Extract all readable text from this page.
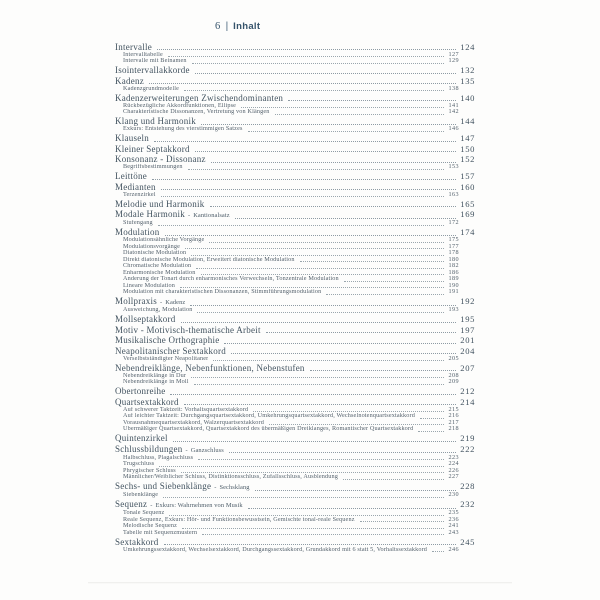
6 | Inhalt
Intervalle	124
Intervalltabelle	127
Intervalle mit Beinamen	129
Isointervallakkorde	132
Kadenz	135
Kadenzgrundmodelle	138
Kadenzerweiterungen Zwischendominanten	140
Rückbezügliche Akkordfunktionen, Ellipse	141
Charakteristische Dissonanzen, Vertretung von Klängen	142
Klang und Harmonik	144
Exkurs: Entstehung des vierstimmigen Satzes	146
Klauseln	147
Kleiner Septakkord	150
Konsonanz - Dissonanz	152
Begriffsbestimmungen	153
Leittöne	157
Medianten	160
Terzenzirkel	163
Melodie und Harmonik	165
Modale Harmonik - Kantionalsatz	169
Stufengang	172
Modulation	174
Modulationsähnliche Vorgänge	175
Modulationsvorgänge	177
Diatonische Modulation	178
Direkt diatonische Modulation, Erweitert diatonische Modulation	180
Chromatische Modulation	182
Enharmonische Modulation	186
Änderung der Tonart durch enharmonisches Verwechseln, Tonzentrale Modulation	189
Lineare Modulation	190
Modulation mit charakteristischen Dissonanzen, Stimmführungsmodulation	191
Mollpraxis - Kadenz	192
Ausweichung, Modulation	193
Mollseptakkord	195
Motiv - Motivisch-thematische Arbeit	197
Musikalische Orthographie	201
Neapolitanischer Sextakkord	204
Verselbstständigter Neapolitaner	205
Nebendreiklänge, Nebenfunktionen, Nebenstufen	207
Nebendreiklänge in Dur	208
Nebendreiklänge in Moll	209
Obertonreihe	212
Quartsextakkord	214
Auf schwerer Taktzeit: Vorhaltsquartsextakkord	215
Auf leichter Taktzeit: Durchgangsquartsextakkord, Umkehrungsquartsextakkord, Wechselnotenquartsextakkord	216
Vorausnahmequartsextakkord, Walzerquartsextakkord	217
Übermäßiger Quartsextakkord, Quartsextakkord des übermäßigen Dreiklanges, Romantischer Quartsextakkord	218
Quintenzirkel	219
Schlussbildungen - Ganzschluss	222
Halbschluss, Plagalschluss	223
Trugschluss	224
Phrygischer Schluss	226
Männlicher/Weiblicher Schluss, Distinktionsschluss, Zufallsschluss, Ausblendung	227
Sechs- und Siebenklänge - Sechsklang	228
Siebenklänge	230
Sequenz - Exkurs: Wahrnehmen von Musik	232
Tonale Sequenz	235
Reale Sequenz, Exkurs: Hör- und Funktionsbewusstsein, Gemischte tonal-reale Sequenz	236
Melodische Sequenz	241
Tabelle mit Sequenzmustern	243
Sextakkord	245
Umkehrungssextakkord, Wechselsextakkord, Durchgangssextakkord, Grundakkord mit 6 statt 5, Vorhaltssextakkord	246
